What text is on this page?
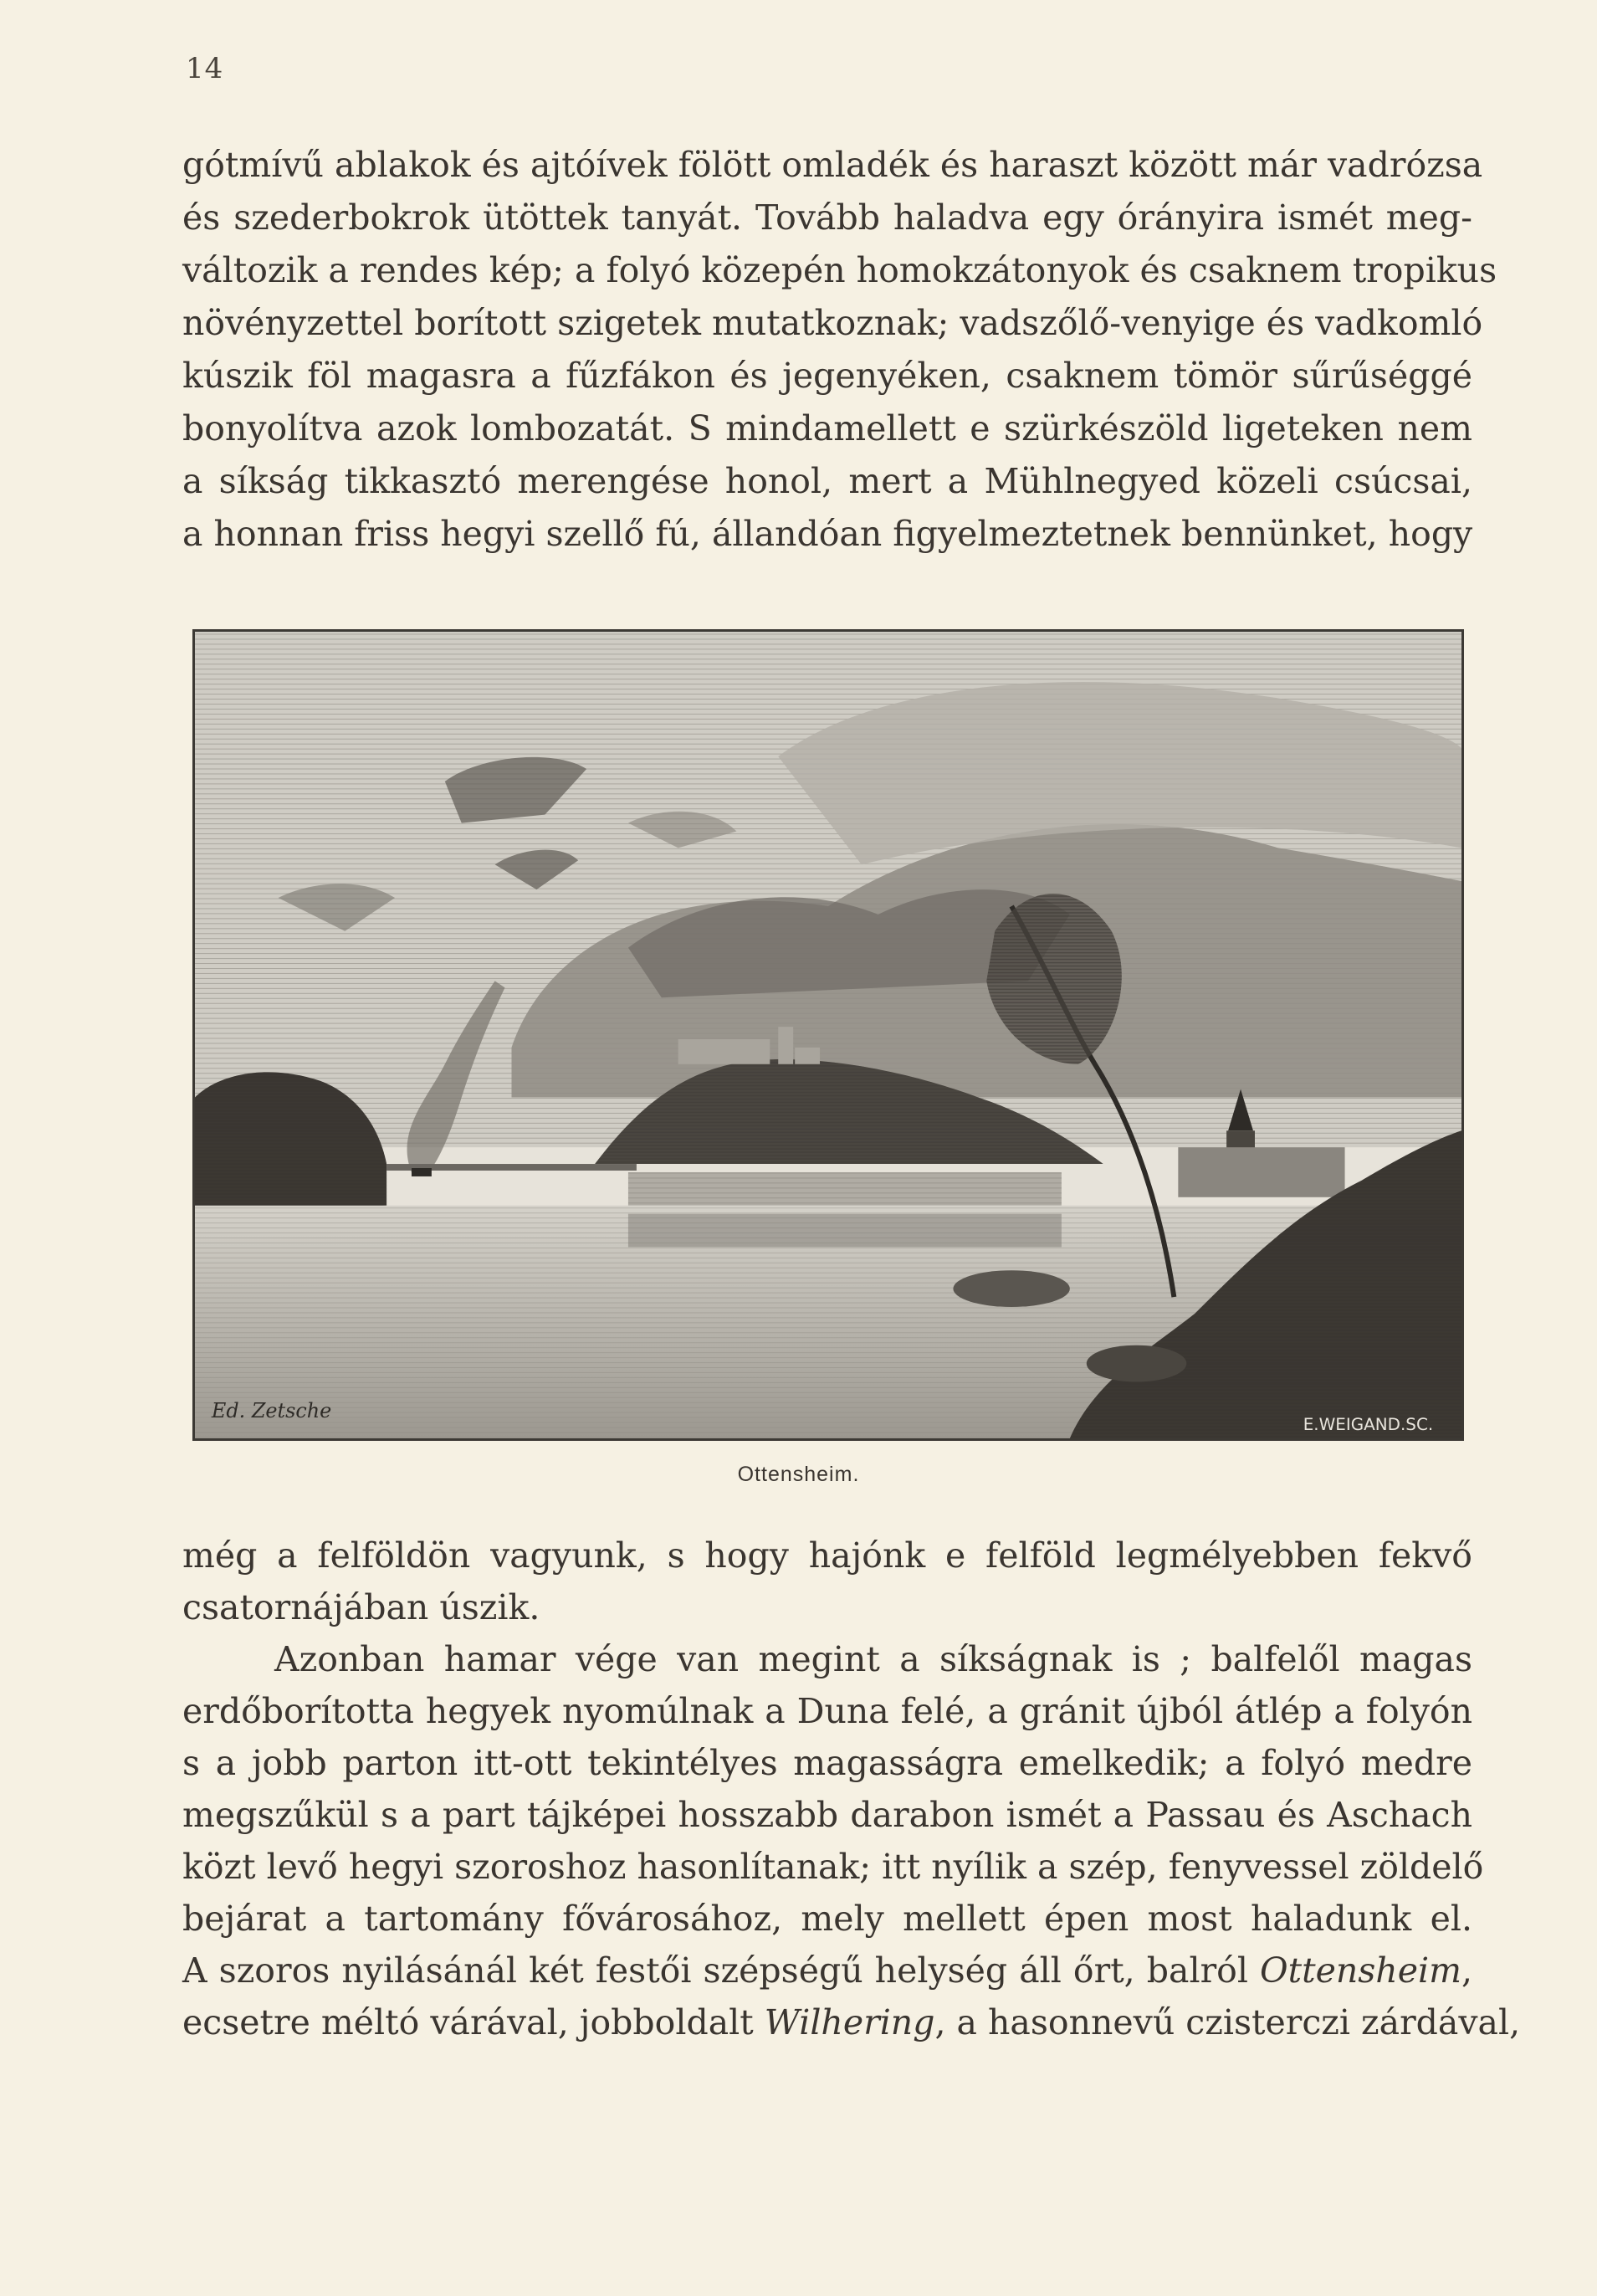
14
gótmívű ablakok és ajtóívek fölött omladék és haraszt között már vadrózsa
és szederbokrok ütöttek tanyát. Tovább haladva egy órányira ismét meg-
változik a rendes kép; a folyó közepén homokzátonyok és csaknem tropikus
növényzettel borított szigetek mutatkoznak; vadszőlő-venyige és vadkomló
kúszik föl magasra a fűzfákon és jegenyéken, csaknem tömör sűrűséggé
bonyolítva azok lombozatát. S mindamellett e szürkészöld ligeteken nem
a síkság tikkasztó merengése honol, mert a Mühlnegyed közeli csúcsai,
a honnan friss hegyi szellő fú, állandóan figyelmeztetnek bennünket, hogy
Ed. Zetsche
E.WEIGAND.SC.
Ottensheim.
még a felföldön vagyunk, s hogy hajónk e felföld legmélyebben fekvő
csatornájában úszik.
Azonban hamar vége van megint a síkságnak is ; balfelől magas
erdőborította hegyek nyomúlnak a Duna felé, a gránit újból átlép a folyón
s a jobb parton itt-ott tekintélyes magasságra emelkedik; a folyó medre
megszűkül s a part tájképei hosszabb darabon ismét a Passau és Aschach
közt levő hegyi szoroshoz hasonlítanak; itt nyílik a szép, fenyvessel zöldelő
bejárat a tartomány fővárosához, mely mellett épen most haladunk el.
A szoros nyilásánál két festői szépségű helység áll őrt, balról Ottensheim,
ecsetre méltó várával, jobboldalt Wilhering, a hasonnevű czisterczi zárdával,
